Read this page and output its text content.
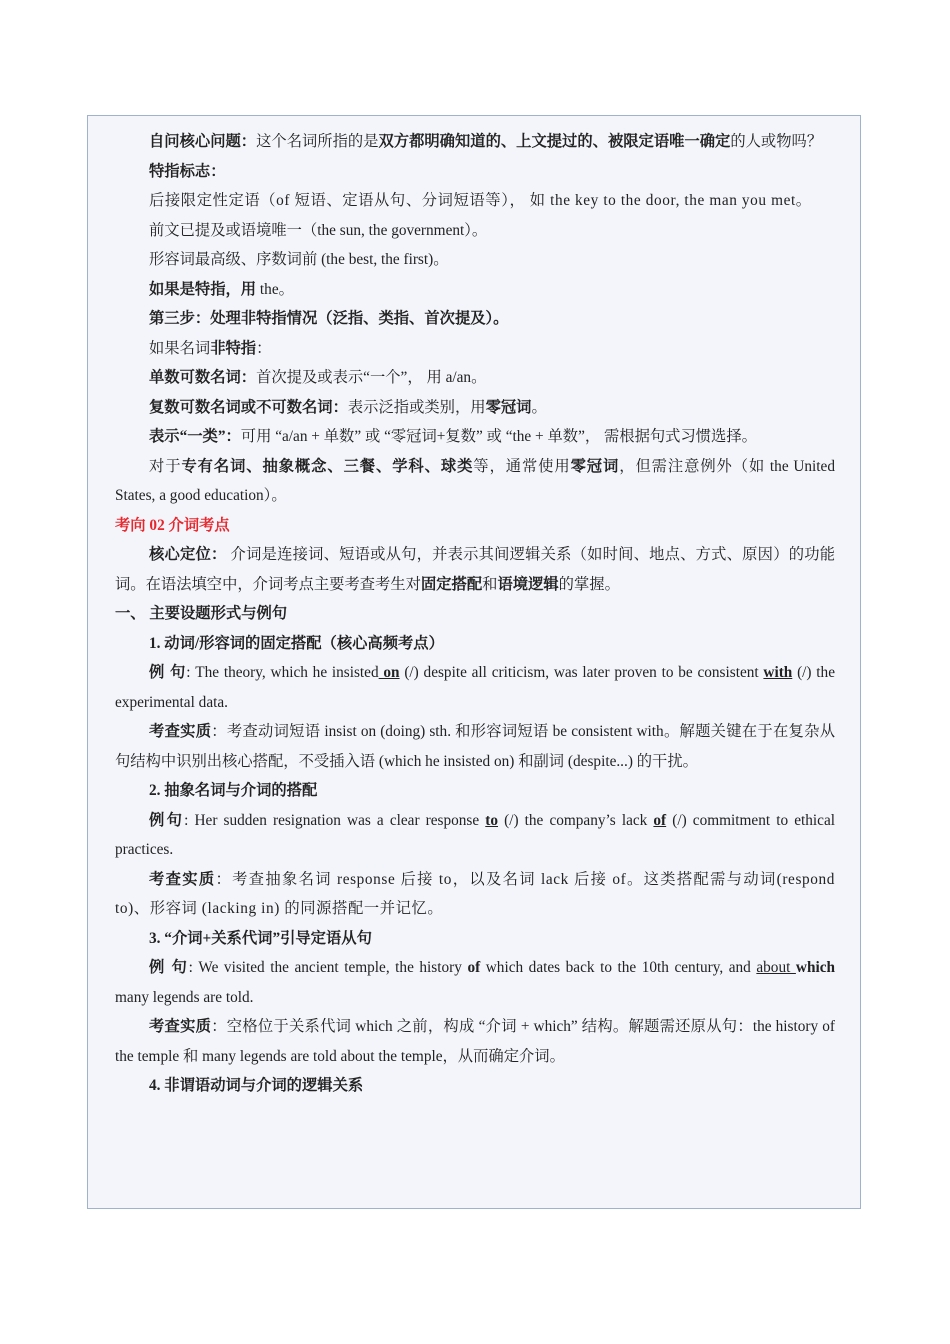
自问核心问题：这个名词所指的是双方都明确知道的、上文提过的、被限定语唯一确定的人或物吗？

特指标志：

后接限定性定语（of 短语、定语从句、分词短语等）， 如 the key to the door, the man you met。

前文已提及或语境唯一（the sun, the government）。

形容词最高级、序数词前 (the best, the first)。

如果是特指，用 the。

第三步：处理非特指情况（泛指、类指、首次提及）。

如果名词非特指：

单数可数名词：首次提及或表示“一个”， 用 a/an。

复数可数名词或不可数名词：表示泛指或类别，用零冠词。

表示“一类”：可用 “a/an + 单数” 或 “零冠词+复数” 或 “the + 单数”， 需根据句式习惯选择。

对于专有名词、抽象概念、三餐、学科、球类等，通常使用零冠词，但需注意例外（如 the United States, a good education）。

考向 02 介词考点

核心定位： 介词是连接词、短语或从句，并表示其间逻辑关系（如时间、地点、方式、原因）的功能词。在语法填空中，介词考点主要考查考生对固定搭配和语境逻辑的掌握。

一、 主要设题形式与例句

1. 动词/形容词的固定搭配（核心高频考点）

例 句: The theory, which he insisted on (/) despite all criticism, was later proven to be consistent with (/) the experimental data.

考查实质：考查动词短语 insist on (doing) sth. 和形容词短语 be consistent with。解题关键在于在复杂从句结构中识别出核心搭配，不受插入语 (which he insisted on) 和副词 (despite...) 的干扰。

2. 抽象名词与介词的搭配

例句: Her sudden resignation was a clear response to (/) the company’s lack of (/) commitment to ethical practices.

考查实质：考查抽象名词 response 后接 to，以及名词 lack 后接 of。这类搭配需与动词(respond to)、形容词 (lacking in) 的同源搭配一并记忆。

3. “介词+关系代词”引导定语从句

例 句: We visited the ancient temple, the history of which dates back to the 10th century, and about which many legends are told.

考查实质：空格位于关系代词 which 之前，构成 “介词 + which” 结构。解题需还原从句：the history of the temple 和 many legends are told about the temple，从而确定介词。

4. 非谓语动词与介词的逻辑关系
